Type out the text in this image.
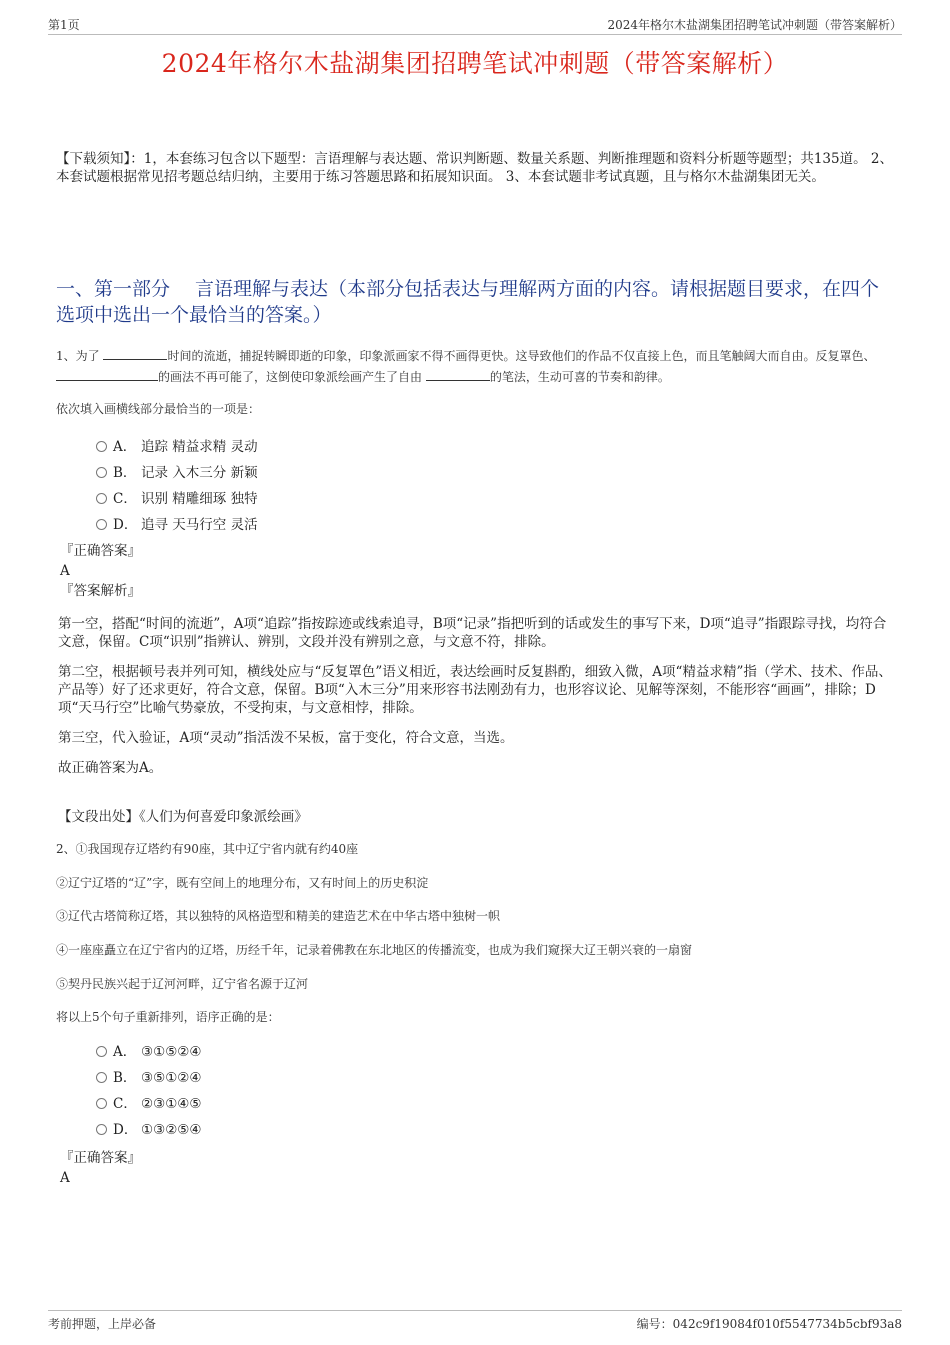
第1页	2024年格尔木盐湖集团招聘笔试冲刺题（带答案解析）
2024年格尔木盐湖集团招聘笔试冲刺题（带答案解析）
【下载须知】：1，本套练习包含以下题型：言语理解与表达题、常识判断题、数量关系题、判断推理题和资料分析题等题型；共135道。 2、本套试题根据常见招考题总结归纳，主要用于练习答题思路和拓展知识面。 3、本套试题非考试真题，且与格尔木盐湖集团无关。
一、第一部分　 言语理解与表达（本部分包括表达与理解两方面的内容。请根据题目要求，在四个选项中选出一个最恰当的答案。）
1、为了	时间的流逝，捕捉转瞬即逝的印象，印象派画家不得不画得更快。这导致他们的作品不仅直接上色，而且笔触阔大而自由。反复罩色、 的画法不再可能了，这倒使印象派绘画产生了自由	的笔法，生动可喜的节奏和韵律。
依次填入画横线部分最恰当的一项是：
A． 追踪 精益求精 灵动
B． 记录 入木三分 新颖
C． 识别 精雕细琢 独特
D． 追寻 天马行空 灵活
『正确答案』
A
『答案解析』

第一空，搭配“时间的流逝”，A项“追踪”指按踪迹或线索追寻，B项“记录”指把听到的话或发生的事写下来，D项“追寻”指跟踪寻找，均符合文意，保留。C项“识别”指辨认、辨别，文段并没有辨别之意，与文意不符，排除。

第二空，根据顿号表并列可知，横线处应与“反复罩色”语义相近，表达绘画时反复斟酌，细致入微，A项“精益求精”指（学术、技术、作品、产品等）好了还求更好，符合文意，保留。B项“入木三分”用来形容书法刚劲有力，也形容议论、见解等深刻，不能形容“画画”，排除；D项“天马行空”比喻气势豪放，不受拘束，与文意相悖，排除。

第三空，代入验证，A项“灵动”指活泼不呆板，富于变化，符合文意，当选。

故正确答案为A。

【文段出处】《人们为何喜爱印象派绘画》
2、①我国现存辽塔约有90座，其中辽宁省内就有约40座
②辽宁辽塔的“辽”字，既有空间上的地理分布，又有时间上的历史积淀
③辽代古塔简称辽塔，其以独特的风格造型和精美的建造艺术在中华古塔中独树一帜
④一座座矗立在辽宁省内的辽塔，历经千年，记录着佛教在东北地区的传播流变，也成为我们窥探大辽王朝兴衰的一扇窗
⑤契丹民族兴起于辽河河畔，辽宁省名源于辽河
将以上5个句子重新排列，语序正确的是：
A． ③①⑤②④
B． ③⑤①②④
C． ②③①④⑤
D． ①③②⑤④
『正确答案』
A
考前押题，上岸必备	编号：042c9f19084f010f5547734b5cbf93a8
